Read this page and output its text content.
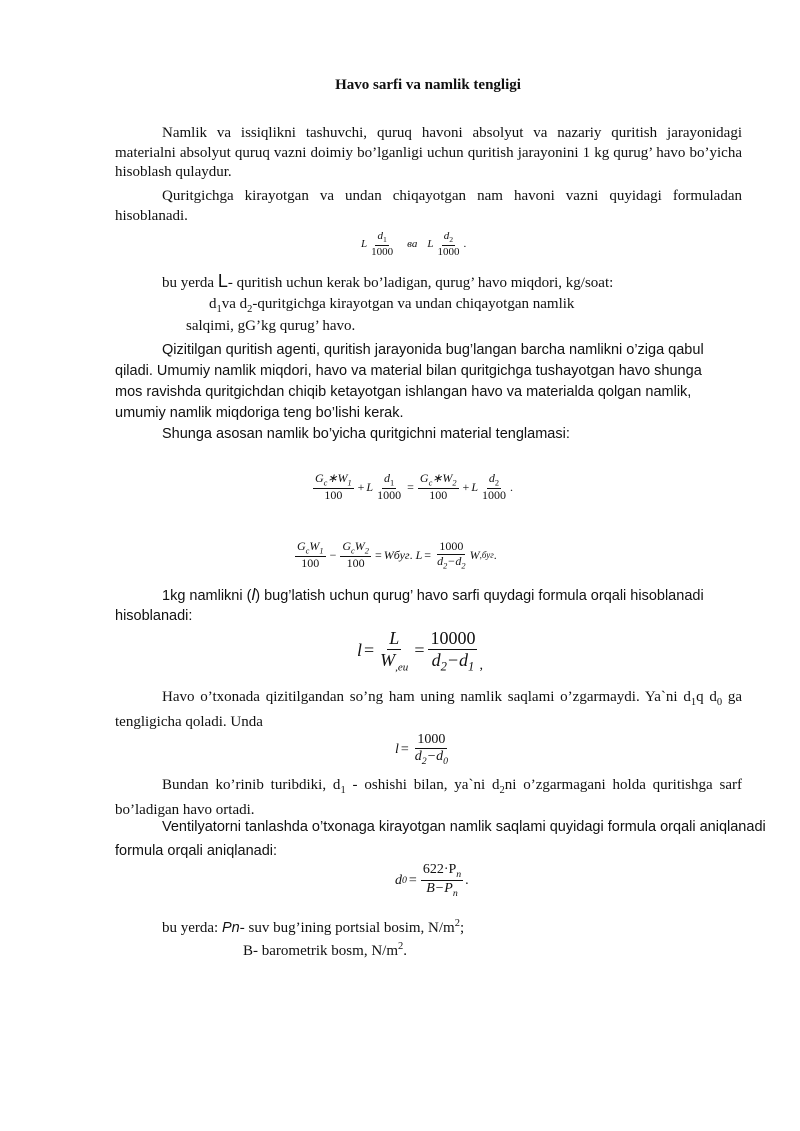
Havo sarfi va namlik tengligi

Namlik va issiqlikni tashuvchi, quruq havoni absolyut va nazariy quritish jarayonidagi materialni absolyut quruq vazni doimiy bo’lganligi uchun quritish jarayonini 1 kg qurug’ havo bo’yicha hisoblash qulaydur.

Quritgichga kirayotgan va undan chiqayotgan nam havoni vazni quyidagi formuladan hisoblanadi.

L $\frac{d_1}{1000}$ ва L $\frac{d_2}{1000}$ .
bu yerda L- quritish uchun kerak bo’ladigan, qurug’ havo miqdori, kg/soat:
$d_1va$ $d_2$-quritgichga kirayotgan va undan chiqayotgan namlik
salqimi, gG’kg qurug’ havo.

Qizitilgan quritish agenti, quritish jarayonida bug’langan barcha namlikni o’ziga qabul qiladi. Umumiy namlik miqdori, havo va material bilan quritgichga tushayotgan havo shunga mos ravishda quritgichdan chiqib ketayotgan ishlangan havo va materialda qolgan namlik, umumiy namlik miqdoriga teng bo’lishi kerak.

Shunga asosan namlik bo’yicha quritgichni material tenglamasi:
$\frac{G_c∗W_1}{100} + L \frac{d_1}{1000} = \frac{G_c∗W_2}{100} + L \frac{d_2}{1000}$ .
$\frac{G_cW_1}{100} - \frac{G_cW_2}{100}$ = Wбуг . $L = \frac{1000}{d_2-d_2}$ W ,буг .
1kg namlikni (l) bug’latish uchun qurug’ havo sarfi quydagi formula orqali hisoblanadi
hisoblanadi:
$l = \frac{L}{W_{,eu}} = \frac{10000}{d_2-d_1}$ ,

Havo o’txonada qizitilgandan so’ng ham uning namlik saqlami o’zgarmaydi. Ya`ni $d_1q$ $d_0$ ga tengligicha qoladi. Unda

$l = \frac{1000}{d_2-d_0}$

Bundan ko’rinib turibdiki, $d_1$ - oshishi bilan, ya`ni $d_2ni$ o’zgarmagani holda quritishga sarf bo’ladigan havo ortadi.

Ventilyatorni tanlashda o’txonaga kirayotgan namlik saqlami quyidagi formula orqali aniqlanadi
formula orqali aniqlanadi:
d $0 = \frac{622\cdot P_n}{B-P_n}$ .
bu yerda: Pn- suv bug’ining portsial bosim, $N/m^2$;
B- barometrik bosm, $N/m^2$.
